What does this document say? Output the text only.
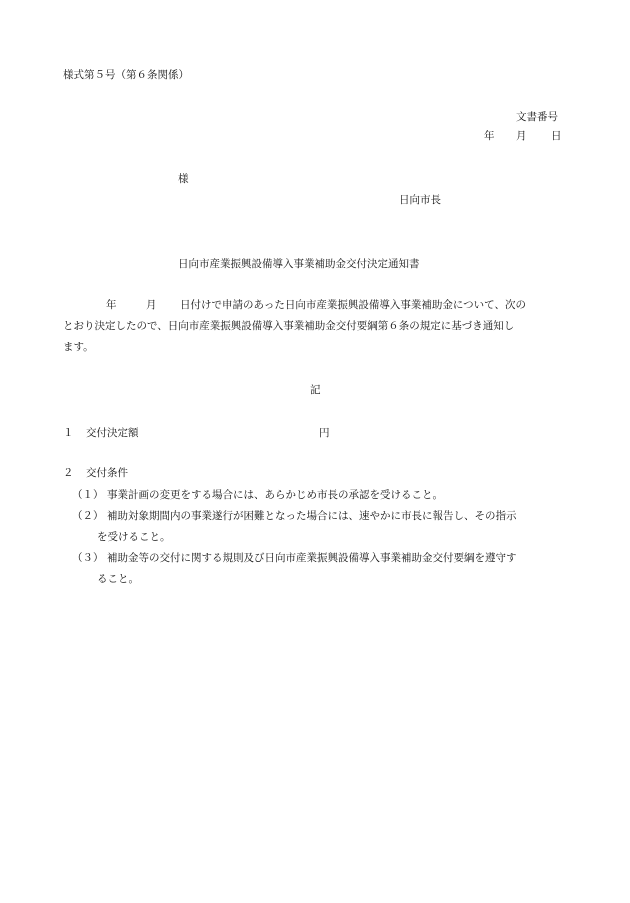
様式第５号（第６条関係）
文書番号
年 月 日
様
日向市長
日向市産業振興設備導入事業補助金交付決定通知書
年	月 日付けで申請のあった日向市産業振興設備導入事業補助金について、次の
とおり決定したので、日向市産業振興設備導入事業補助金交付要綱第６条の規定に基づき通知し
ます。
記
１ 交付決定額	円
２ 交付条件
（１） 事業計画の変更をする場合には、あらかじめ市長の承認を受けること。
（２） 補助対象期間内の事業遂行が困難となった場合には、速やかに市長に報告し、その指示
を受けること。
（３） 補助金等の交付に関する規則及び日向市産業振興設備導入事業補助金交付要綱を遵守す
ること。
